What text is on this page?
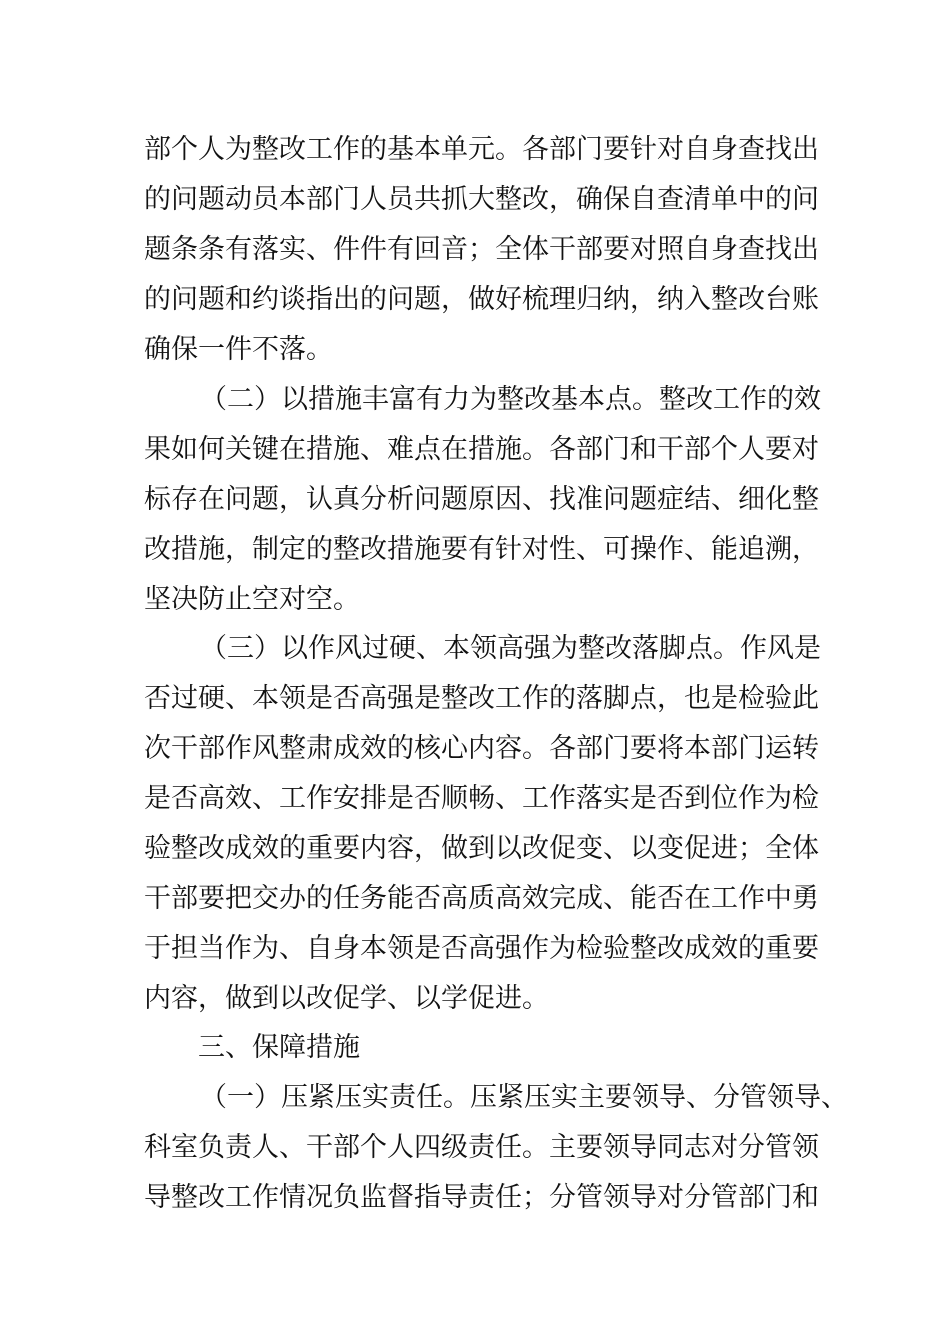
部个人为整改工作的基本单元。各部门要针对自身查找出
的问题动员本部门人员共抓大整改，确保自查清单中的问
题条条有落实、件件有回音；全体干部要对照自身查找出
的问题和约谈指出的问题，做好梳理归纳，纳入整改台账
确保一件不落。
（二）以措施丰富有力为整改基本点。整改工作的效
果如何关键在措施、难点在措施。各部门和干部个人要对
标存在问题，认真分析问题原因、找准问题症结、细化整
改措施，制定的整改措施要有针对性、可操作、能追溯，
坚决防止空对空。
（三）以作风过硬、本领高强为整改落脚点。作风是
否过硬、本领是否高强是整改工作的落脚点，也是检验此
次干部作风整肃成效的核心内容。各部门要将本部门运转
是否高效、工作安排是否顺畅、工作落实是否到位作为检
验整改成效的重要内容，做到以改促变、以变促进；全体
干部要把交办的任务能否高质高效完成、能否在工作中勇
于担当作为、自身本领是否高强作为检验整改成效的重要
内容，做到以改促学、以学促进。
三、保障措施
（一）压紧压实责任。压紧压实主要领导、分管领导、
科室负责人、干部个人四级责任。主要领导同志对分管领
导整改工作情况负监督指导责任；分管领导对分管部门和
